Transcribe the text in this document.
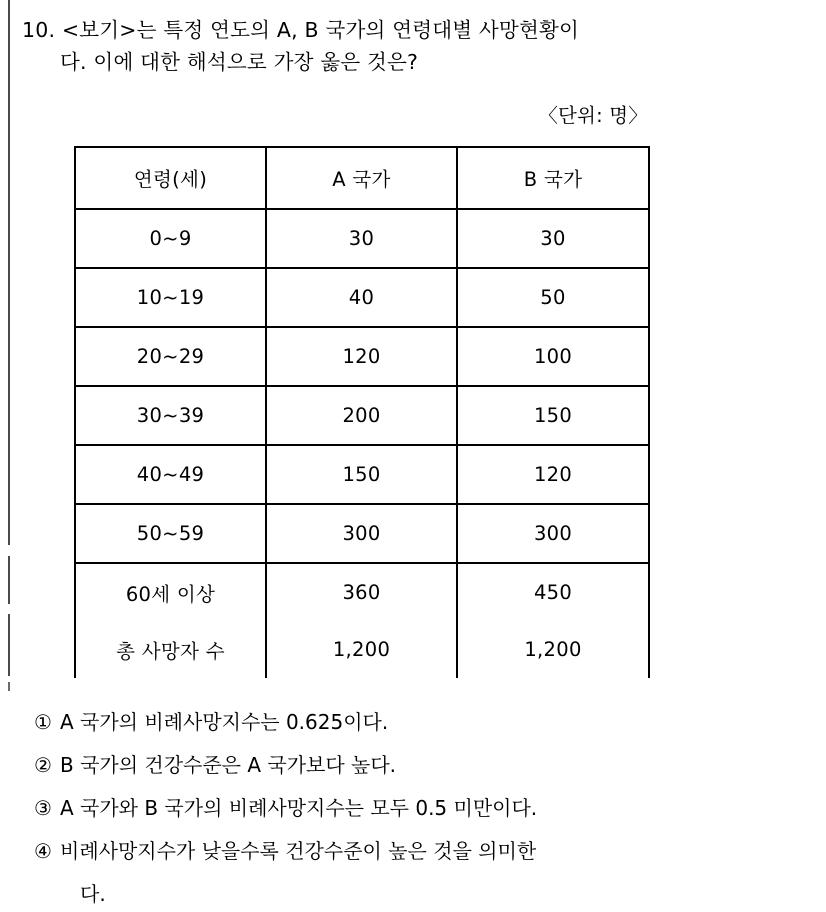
10. <보기>는 특정 연도의 A, B 국가의 연령대별 사망현황이
다. 이에 대한 해석으로 가장 옳은 것은?
〈단위: 명〉
연령(세)	A 국가	B 국가
0~9	30	30
10~19	40	50
20~29	120	100
30~39	200	150
40~49	150	120
50~59	300	300
60세 이상	360	450
총 사망자 수	1,200	1,200
① A 국가의 비례사망지수는 0.625이다.
② B 국가의 건강수준은 A 국가보다 높다.
③ A 국가와 B 국가의 비례사망지수는 모두 0.5 미만이다.
④ 비례사망지수가 낮을수록 건강수준이 높은 것을 의미한
다.
